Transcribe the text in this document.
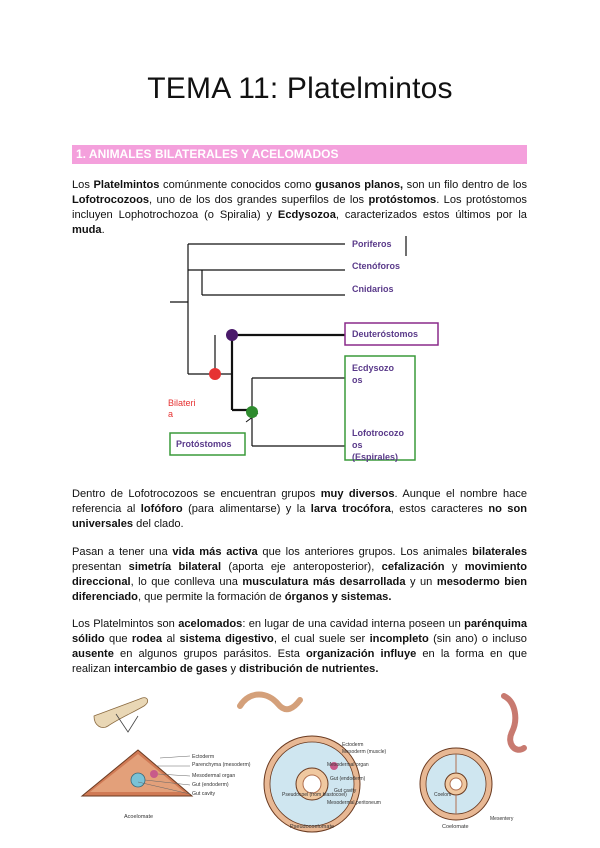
TEMA 11: Platelmintos
1. ANIMALES BILATERALES Y ACELOMADOS

Los Platelmintos comúnmente conocidos como gusanos planos, son un filo dentro de los Lofotrocozoos, uno de los dos grandes superfilos de los protóstomos. Los protóstomos incluyen Lophotrochozoa (o Spiralia) y Ecdysozoa, caracterizados estos últimos por la muda.

Poriferos
Ctenóforos
Cnidarios
Deuteróstomos
Ecdysozo
os
Lofotrocozo
os
(Espirales)
Bilateri
a
Protóstomos

Dentro de Lofotrocozoos se encuentran grupos muy diversos. Aunque el nombre hace referencia al lofóforo (para alimentarse) y la larva trocófora, estos caracteres no son universales del clado.

Pasan a tener una vida más activa que los anteriores grupos. Los animales bilaterales presentan simetría bilateral (aporta eje anteroposterior), cefalización y movimiento direccional, lo que conlleva una musculatura más desarrollada y un mesodermo bien diferenciado, que permite la formación de órganos y sistemas.

Los Platelmintos son acelomados: en lugar de una cavidad interna poseen un parénquima sólido que rodea al sistema digestivo, el cual suele ser incompleto (sin ano) o incluso ausente en algunos grupos parásitos. Esta organización influye en la forma en que realizan intercambio de gases y distribución de nutrientes.

Ectoderm
Parenchyma (mesoderm)
Mesodermal organ
Gut (endoderm)
Gut cavity
Acoelomate
Ectoderm
Mesoderm (muscle)
Mesodermal organ
Gut (endoderm)
Pseudocoel (from blastocoel)
Gut cavity
Mesodermal peritoneum
Pseudocoelomate
Coelom
Mesentery
Coelomate
